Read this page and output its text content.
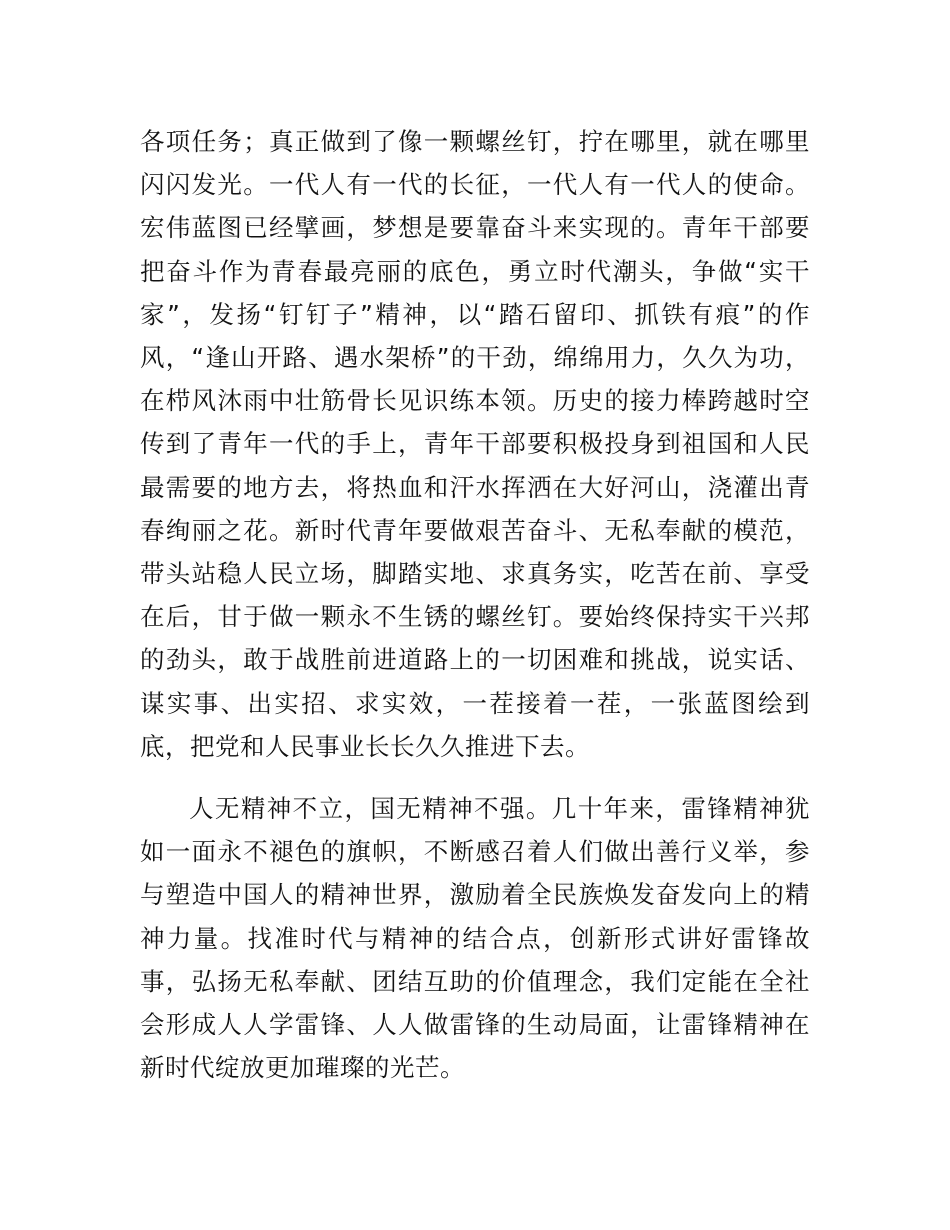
各项任务；真正做到了像一颗螺丝钉，拧在哪里，就在哪里闪闪发光。一代人有一代的长征，一代人有一代人的使命。宏伟蓝图已经擘画，梦想是要靠奋斗来实现的。青年干部要把奋斗作为青春最亮丽的底色，勇立时代潮头，争做“实干家”，发扬“钉钉子”精神，以“踏石留印、抓铁有痕”的作风，“逢山开路、遇水架桥”的干劲，绵绵用力，久久为功，在栉风沐雨中壮筋骨长见识练本领。历史的接力棒跨越时空传到了青年一代的手上，青年干部要积极投身到祖国和人民最需要的地方去，将热血和汗水挥洒在大好河山，浇灌出青春绚丽之花。新时代青年要做艰苦奋斗、无私奉献的模范，带头站稳人民立场，脚踏实地、求真务实，吃苦在前、享受在后，甘于做一颗永不生锈的螺丝钉。要始终保持实干兴邦的劲头，敢于战胜前进道路上的一切困难和挑战，说实话、谋实事、出实招、求实效，一茬接着一茬，一张蓝图绘到底，把党和人民事业长长久久推进下去。

人无精神不立，国无精神不强。几十年来，雷锋精神犹如一面永不褪色的旗帜，不断感召着人们做出善行义举，参与塑造中国人的精神世界，激励着全民族焕发奋发向上的精神力量。找准时代与精神的结合点，创新形式讲好雷锋故事，弘扬无私奉献、团结互助的价值理念，我们定能在全社会形成人人学雷锋、人人做雷锋的生动局面，让雷锋精神在新时代绽放更加璀璨的光芒。
